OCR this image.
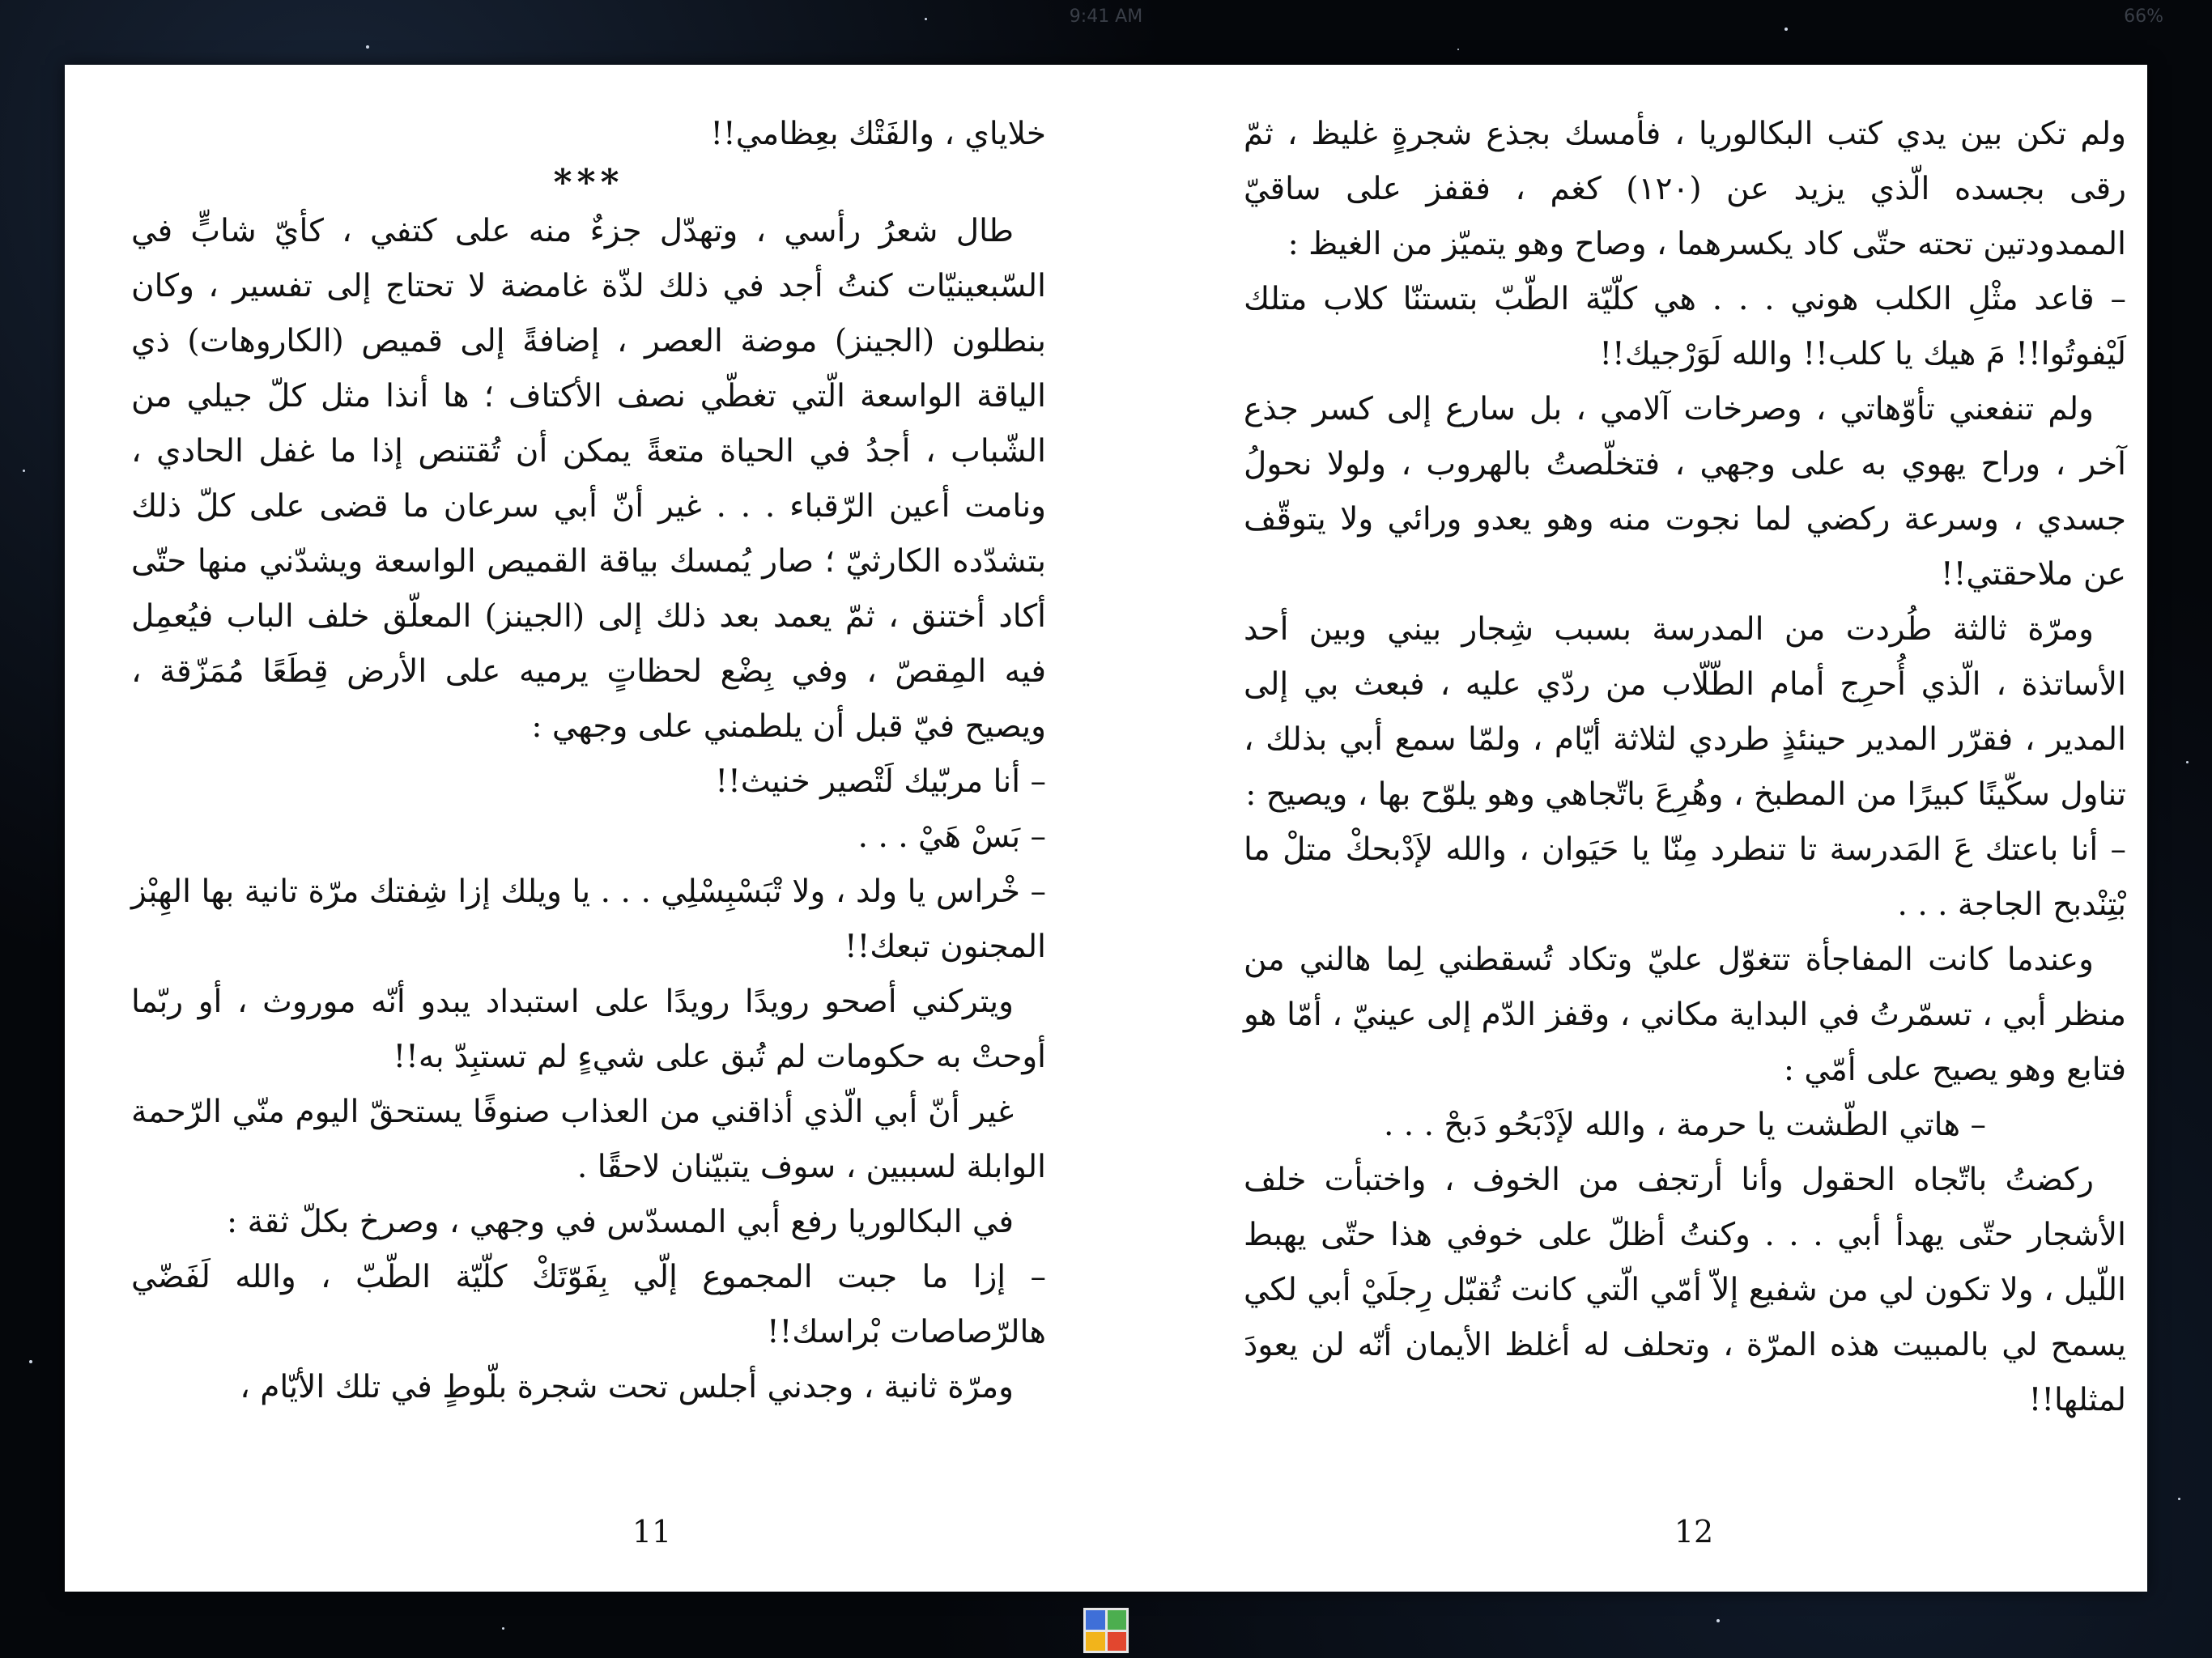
9:41 AM	66%

خلاياي ، والفَتْك بعِظامي!!

***

طال شعرُ رأسي ، وتهدّل جزءٌ منه على كتفي ، كأيّ شابٍّ في السّبعينيّات كنتُ أجد في ذلك لذّة غامضة لا تحتاج إلى تفسير ، وكان بنطلون (الجينز) موضة العصر ، إضافةً إلى قميص (الكاروهات) ذي الياقة الواسعة الّتي تغطّي نصف الأكتاف ؛ ها أنذا مثل كلّ جيلي من الشّباب ، أجدُ في الحياة متعةً يمكن أن تُقتنص إذا ما غفل الحادي ، ونامت أعين الرّقباء . . . غير أنّ أبي سرعان ما قضى على كلّ ذلك بتشدّده الكارثيّ ؛ صار يُمسك بياقة القميص الواسعة ويشدّني منها حتّى أكاد أختنق ، ثمّ يعمد بعد ذلك إلى (الجينز) المعلّق خلف الباب فيُعمِل فيه المِقصّ ، وفي بِضْع لحظاتٍ يرميه على الأرض قِطَعًا مُمَزّقة ، ويصيح فيّ قبل أن يلطمني على وجهي :

– أنا مربّيك لَتْصير خنيث!!

– بَسْ هَيْ . . .

– خْراس يا ولد ، ولا تْبَسْبِسْلِي . . . يا ويلك إزا شِفتك مرّة تانية بها الهِبْز المجنون تبعك!!

ويتركني أصحو رويدًا رويدًا على استبداد يبدو أنّه موروث ، أو ربّما أوحتْ به حكومات لم تُبق على شيءٍ لم تستبِدّ به!!

غير أنّ أبي الّذي أذاقني من العذاب صنوفًا يستحقّ اليوم منّي الرّحمة الوابلة لسببين ، سوف يتبيّنان لاحقًا .

في البكالوريا رفع أبي المسدّس في وجهي ، وصرخ بكلّ ثقة :

– إزا ما جبت المجموع إلّي بِفَوّتَكْ كلّيّة الطّبّ ، والله لَفَضّي هالرّصاصات بْراسك!!

ومرّة ثانية ، وجدني أجلس تحت شجرة بلّوطٍ في تلك الأيّام ،

11

ولم تكن بين يدي كتب البكالوريا ، فأمسك بجذع شجرةٍ غليظ ، ثمّ رقى بجسده الّذي يزيد عن (١٢٠) كغم ، فقفز على ساقيّ الممدودتين تحته حتّى كاد يكسرهما ، وصاح وهو يتميّز من الغيظ :

– قاعد مثْلِ الكلب هوني . . . هي كلّيّة الطّبّ بتستنّا كلاب متلك لَيْفوتُوا!! مَ هيك يا كلب!! والله لَوَرْجيك!!

ولم تنفعني تأوّهاتي ، وصرخات آلامي ، بل سارع إلى كسر جذع آخر ، وراح يهوي به على وجهي ، فتخلّصتُ بالهروب ، ولولا نحولُ جسدي ، وسرعة ركضي لما نجوت منه وهو يعدو ورائي ولا يتوقّف عن ملاحقتي!!

ومرّة ثالثة طُردت من المدرسة بسبب شِجار بيني وبين أحد الأساتذة ، الّذي أُحرِج أمام الطّلّاب من ردّي عليه ، فبعث بي إلى المدير ، فقرّر المدير حينئذٍ طردي لثلاثة أيّام ، ولمّا سمع أبي بذلك ، تناول سكّينًا كبيرًا من المطبخ ، وهُرِعَ باتّجاهي وهو يلوّح بها ، ويصيح :

– أنا باعتك عَ المَدرسة تا تنطرد مِنّا يا حَيَوان ، والله لإَدْبحكْ متلْ ما بْتِنْدبح الجاجة . . .

وعندما كانت المفاجأة تتغوّل عليّ وتكاد تُسقطني لِما هالني من منظر أبي ، تسمّرتُ في البداية مكاني ، وقفز الدّم إلى عينيّ ، أمّا هو فتابع وهو يصيح على أمّي :

– هاتي الطّشت يا حرمة ، والله لإَدْبَحُو دَبحْ . . .

ركضتُ باتّجاه الحقول وأنا أرتجف من الخوف ، واختبأت خلف الأشجار حتّى يهدأ أبي . . . وكنتُ أظلّ على خوفي هذا حتّى يهبط اللّيل ، ولا تكون لي من شفيع إلاّ أمّي الّتي كانت تُقبّل رِجلَيْ أبي لكي يسمح لي بالمبيت هذه المرّة ، وتحلف له أغلظ الأيمان أنّه لن يعودَ لمثلها!!

12
